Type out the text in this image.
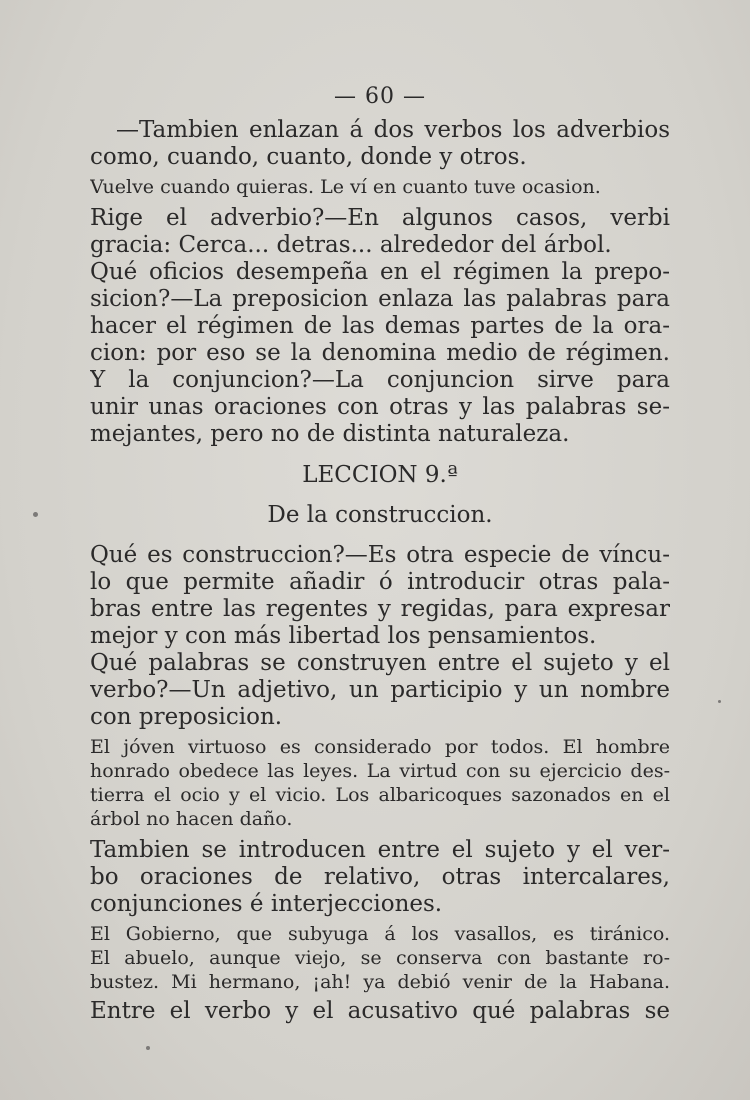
— 60 —
—Tambien enlazan á dos verbos los adverbios
como, cuando, cuanto, donde y otros.
Vuelve cuando quieras. Le ví en cuanto tuve ocasion.
Rige el adverbio?—En algunos casos, verbi
gracia: Cerca... detras... alrededor del árbol.
Qué oficios desempeña en el régimen la prepo-
sicion?—La preposicion enlaza las palabras para
hacer el régimen de las demas partes de la ora-
cion: por eso se la denomina medio de régimen.
Y la conjuncion?—La conjuncion sirve para
unir unas oraciones con otras y las palabras se-
mejantes, pero no de distinta naturaleza.
LECCION 9.ª
De la construccion.
Qué es construccion?—Es otra especie de víncu-
lo que permite añadir ó introducir otras pala-
bras entre las regentes y regidas, para expresar
mejor y con más libertad los pensamientos.
Qué palabras se construyen entre el sujeto y el
verbo?—Un adjetivo, un participio y un nombre
con preposicion.
El jóven virtuoso es considerado por todos. El hombre
honrado obedece las leyes. La virtud con su ejercicio des-
tierra el ocio y el vicio. Los albaricoques sazonados en el
árbol no hacen daño.
Tambien se introducen entre el sujeto y el ver-
bo oraciones de relativo, otras intercalares,
conjunciones é interjecciones.
El Gobierno, que subyuga á los vasallos, es tiránico.
El abuelo, aunque viejo, se conserva con bastante ro-
bustez. Mi hermano, ¡ah! ya debió venir de la Habana.
Entre el verbo y el acusativo qué palabras se
